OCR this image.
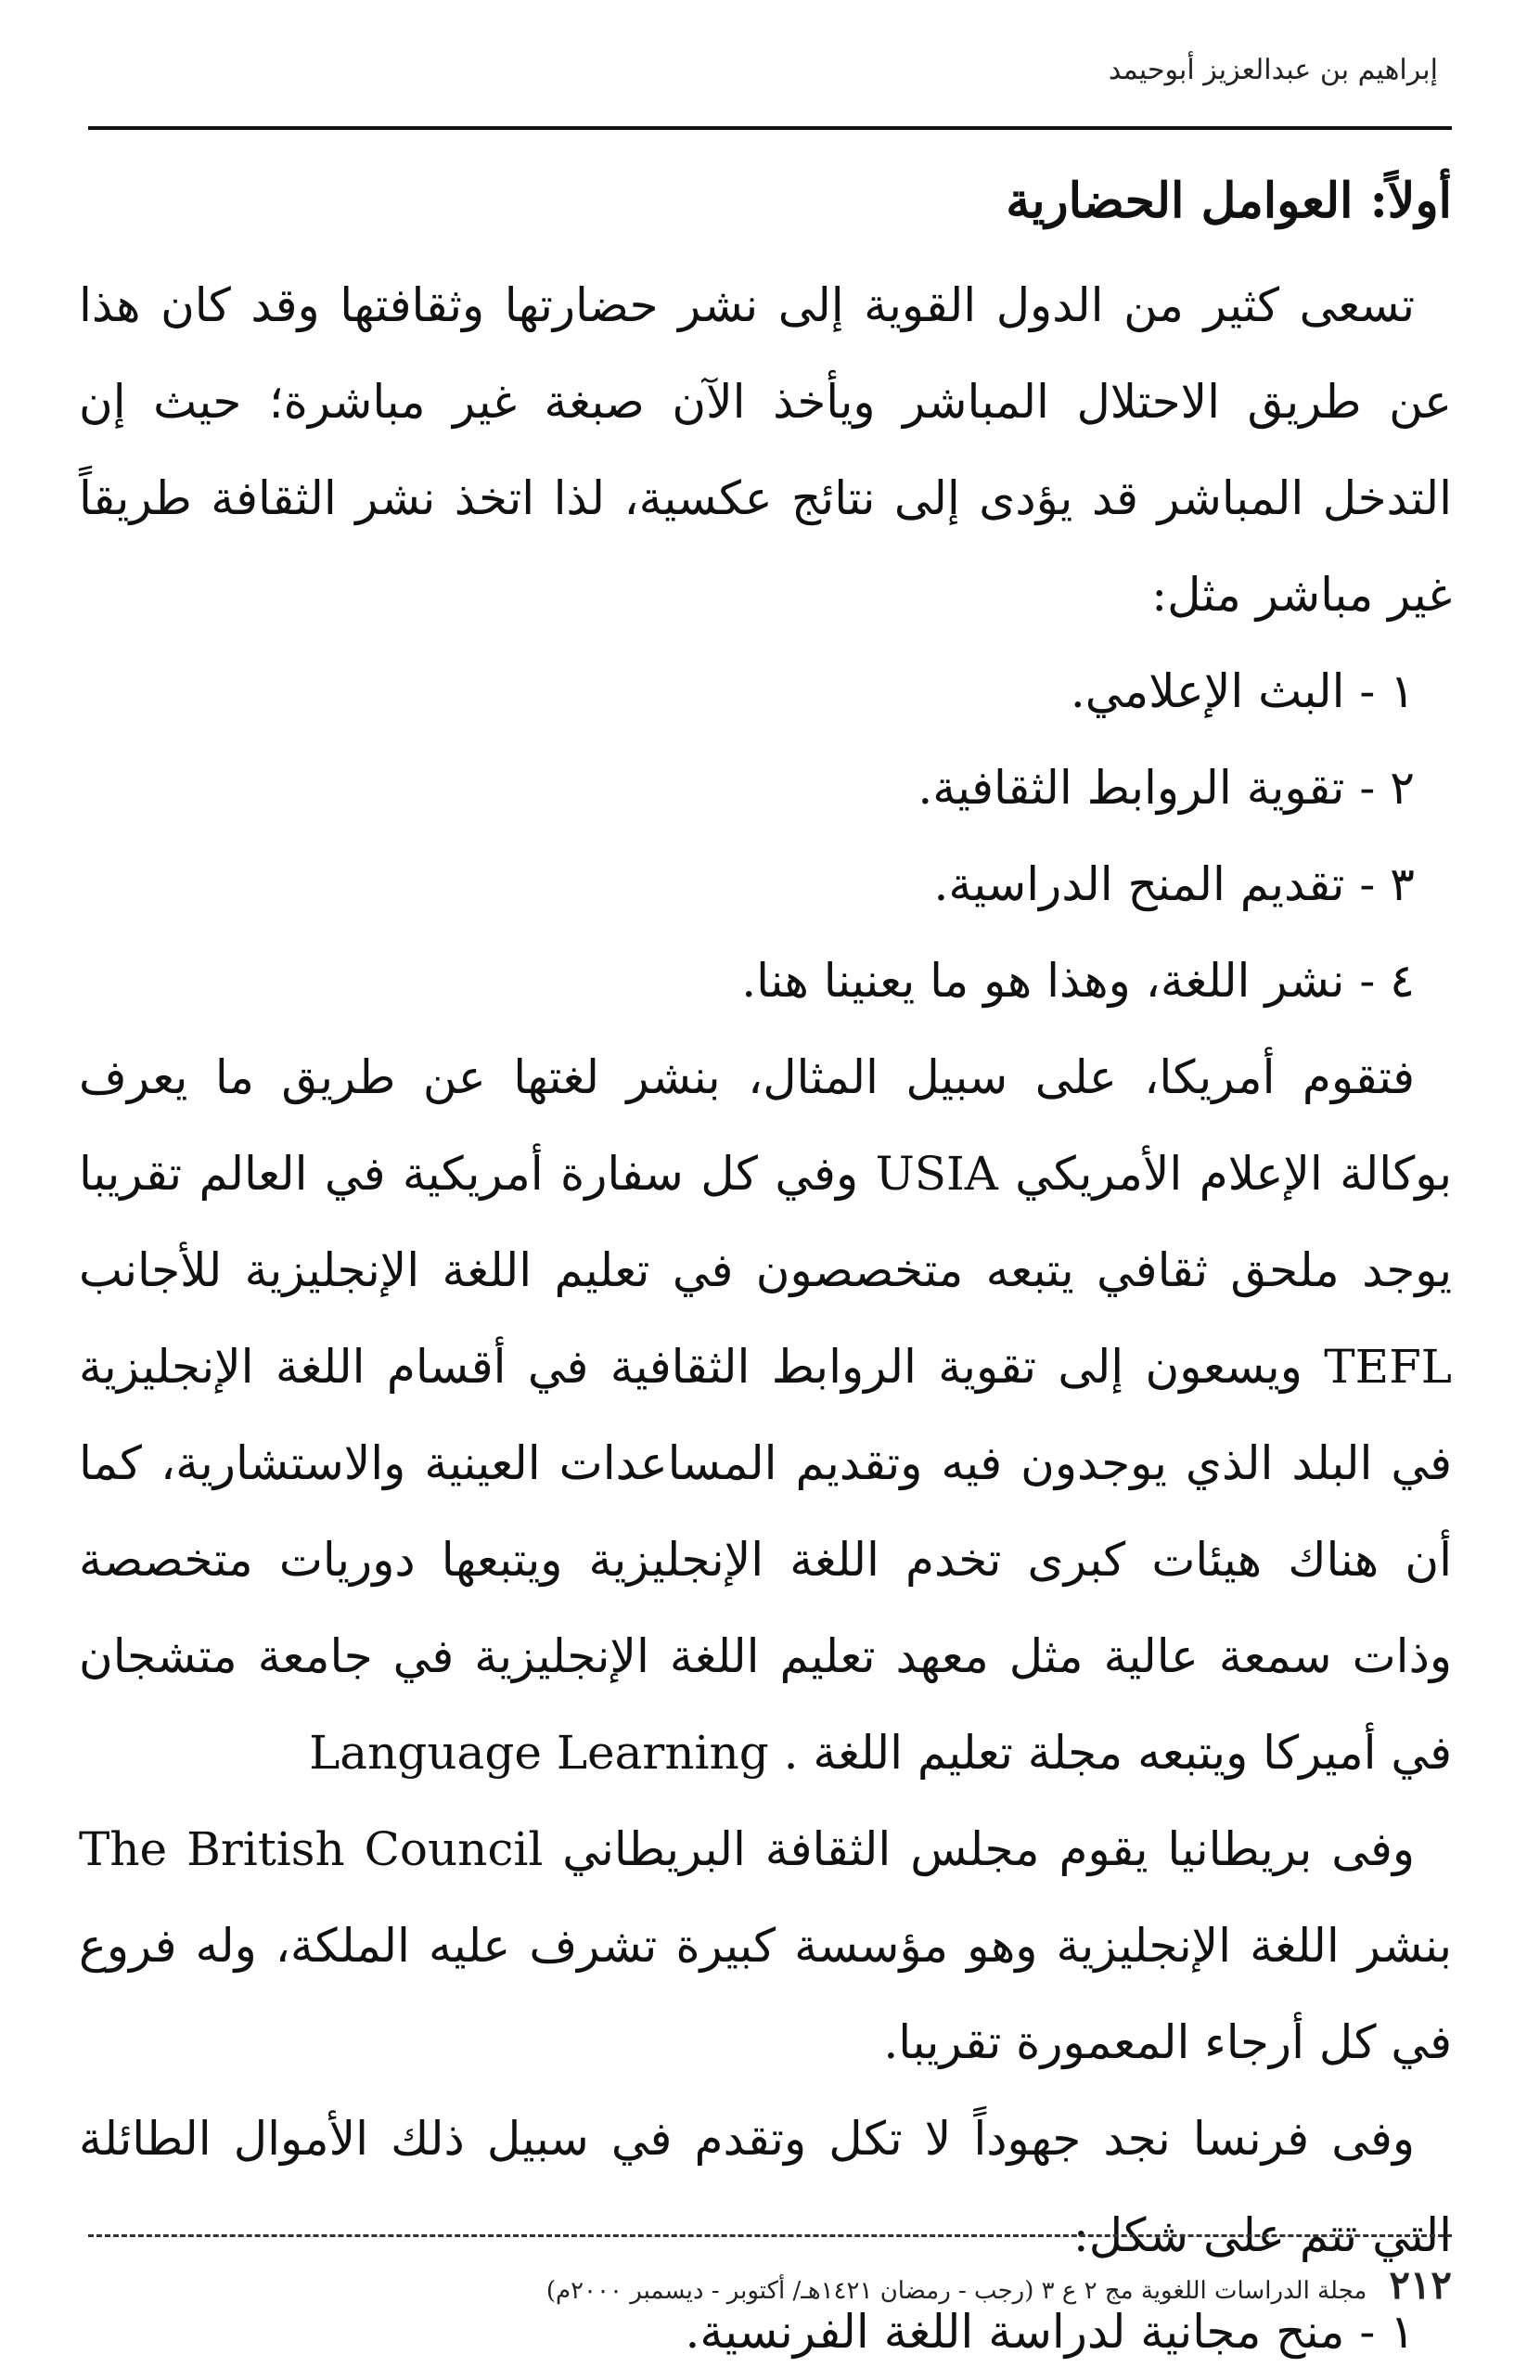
إبراهيم بن عبدالعزيز أبوحيمد
أولاً: العوامل الحضارية

تسعى كثير من الدول القوية إلى نشر حضارتها وثقافتها وقد كان هذا عن طريق الاحتلال المباشر ويأخذ الآن صبغة غير مباشرة؛ حيث إن التدخل المباشر قد يؤدى إلى نتائج عكسية، لذا اتخذ نشر الثقافة طريقاً غير مباشر مثل:

١ - البث الإعلامي.
٢ - تقوية الروابط الثقافية.
٣ - تقديم المنح الدراسية.
٤ - نشر اللغة، وهذا هو ما يعنينا هنا.

فتقوم أمريكا، على سبيل المثال، بنشر لغتها عن طريق ما يعرف بوكالة الإعلام الأمريكي USIA وفي كل سفارة أمريكية في العالم تقريبا يوجد ملحق ثقافي يتبعه متخصصون في تعليم اللغة الإنجليزية للأجانب TEFL ويسعون إلى تقوية الروابط الثقافية في أقسام اللغة الإنجليزية في البلد الذي يوجدون فيه وتقديم المساعدات العينية والاستشارية، كما أن هناك هيئات كبرى تخدم اللغة الإنجليزية ويتبعها دوريات متخصصة وذات سمعة عالية مثل معهد تعليم اللغة الإنجليزية في جامعة متشجان في أميركا ويتبعه مجلة تعليم اللغة . Language Learning

وفى بريطانيا يقوم مجلس الثقافة البريطاني The British Council بنشر اللغة الإنجليزية وهو مؤسسة كبيرة تشرف عليه الملكة، وله فروع في كل أرجاء المعمورة تقريبا.

وفى فرنسا نجد جهوداً لا تكل وتقدم في سبيل ذلك الأموال الطائلة التي تتم على شكل:

١ - منح مجانية لدراسة اللغة الفرنسية.
٢١٢
مجلة الدراسات اللغوية مج ٢ ع ٣ (رجب - رمضان ١٤٢١هـ/ أكتوبر - ديسمبر ٢٠٠٠م)
